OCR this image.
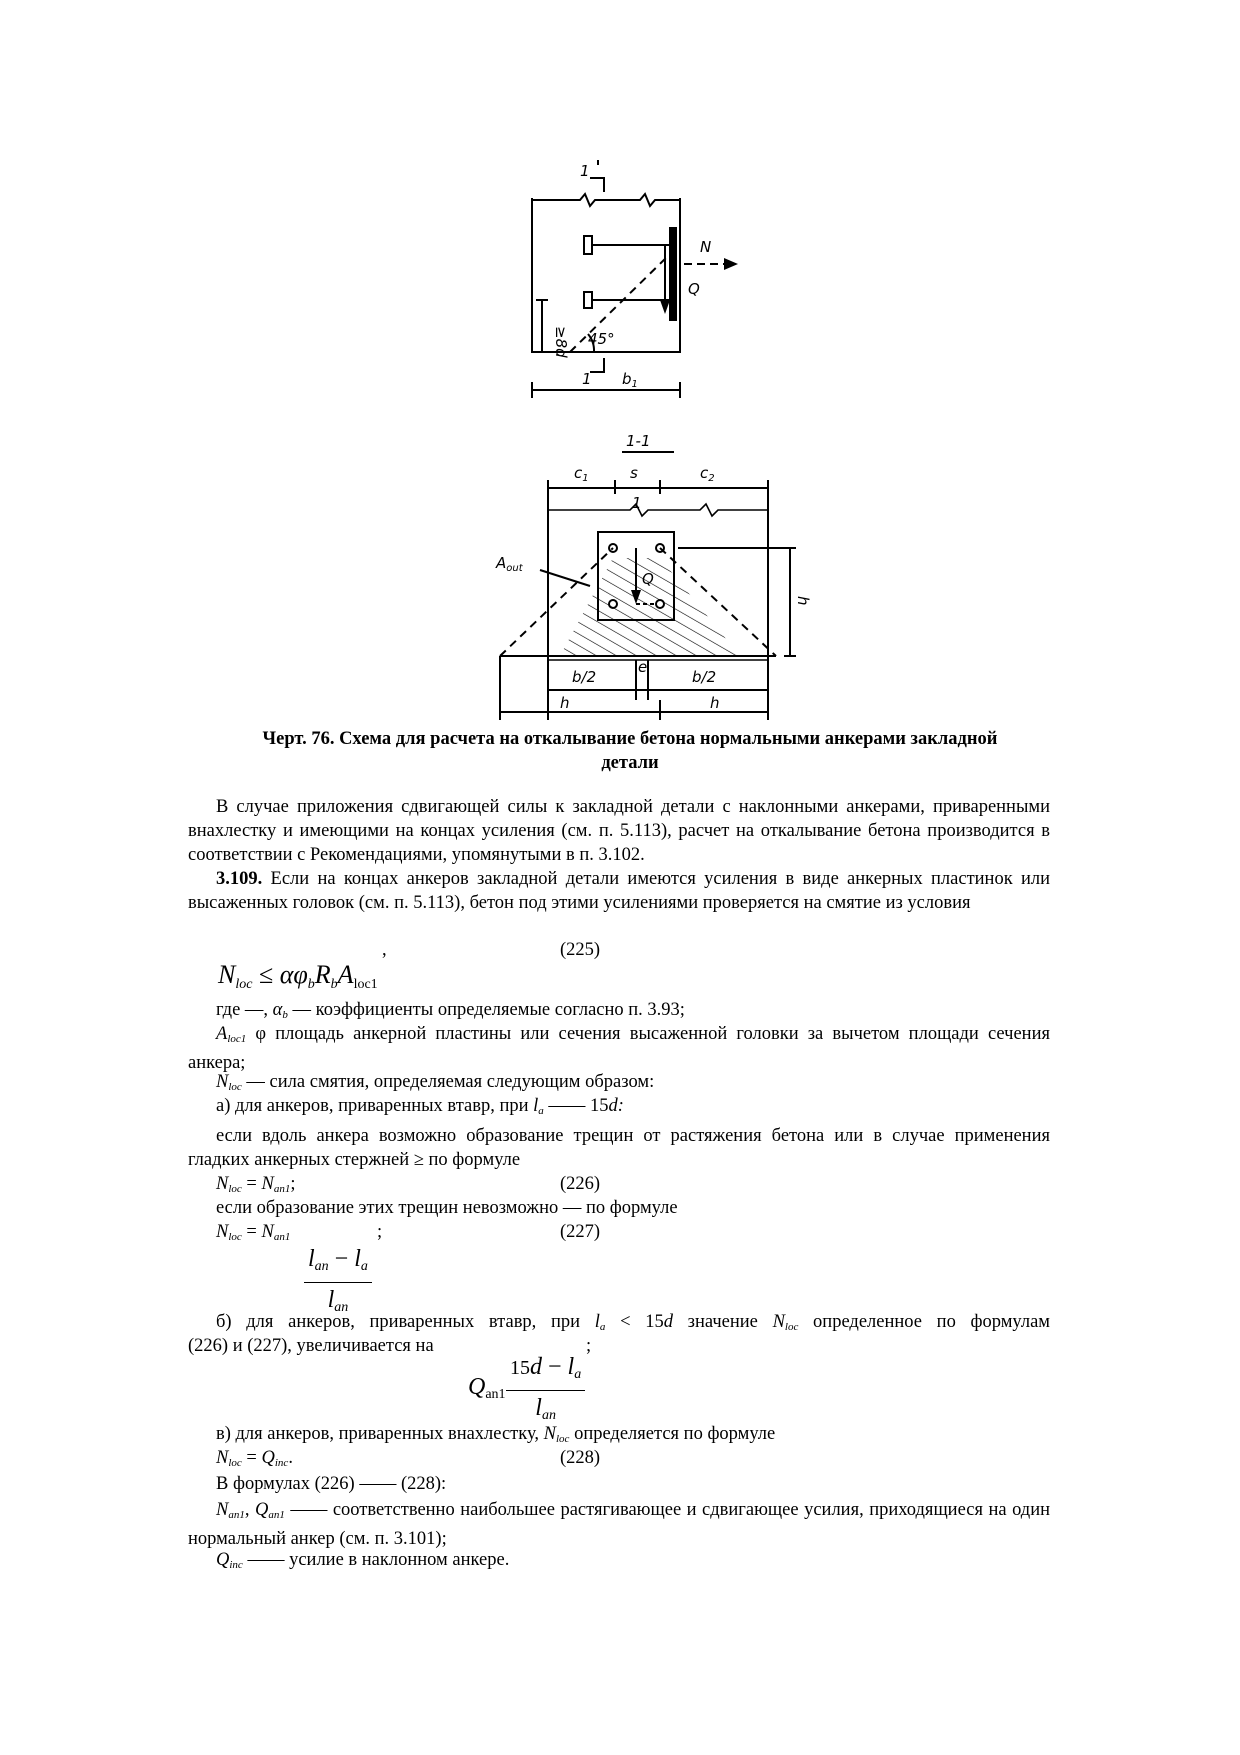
1
1
N
Q
≥8d 45°
$b_1$
1-1
$c_1$	s	$c_2$
1
$A_{out}$
Q
h
b/2
e
b/2
h	h
Черт. 76. Схема для расчета на откалывание бетона нормальными анкерами закладной
детали
В случае приложения сдвигающей силы к закладной детали с наклонными анкерами, приваренными внахлестку и имеющими на концах усиления (см. п. 5.113), расчет на откалывание бетона производится в соответствии с Рекомендациями, упомянутыми в п. 3.102.
3.109. Если на концах анкеров закладной детали имеются усиления в виде анкерных пластинок или высаженных головок (см. п. 5.113), бетон под этими усилениями проверяется на смятие из условия
,	(225)
Nloc ≤ αφbRbAloc1
где —, $\alpha_b$ — коэффициенты определяемые согласно п. 3.93;
$A_{loc1}$ φ площадь анкерной пластины или сечения высаженной головки за вычетом площади сечения анкера;
$N_{loc}$ — сила смятия, определяемая следующим образом:
а) для анкеров, приваренных втавр, при $l_a$ —— 15d:
если вдоль анкера возможно образование трещин от растяжения бетона или в случае применения гладких анкерных стержней ≥ по формуле
$N_{loc} = N_{an1}$;	(226)
если образование этих трещин невозможно — по формуле
$N_{loc} = N_{an1}$	;	(227)
lan − la
lan
б) для анкеров, приваренных втавр, при $l_a < 15d$ значение $N_{loc}$ определенное по формулам
(226) и (227), увеличивается на	;
Qan1
15d − la
lan
в) для анкеров, приваренных внахлестку, $N_{loc}$ определяется по формуле
$N_{loc} = Q_{inc}$.	(228)
В формулах (226) —— (228):
$N_{an1}$, $Q_{an1}$ —— соответственно наибольшее растягивающее и сдвигающее усилия, приходящиеся на один нормальный анкер (см. п. 3.101);
$Q_{inc}$ —— усилие в наклонном анкере.
